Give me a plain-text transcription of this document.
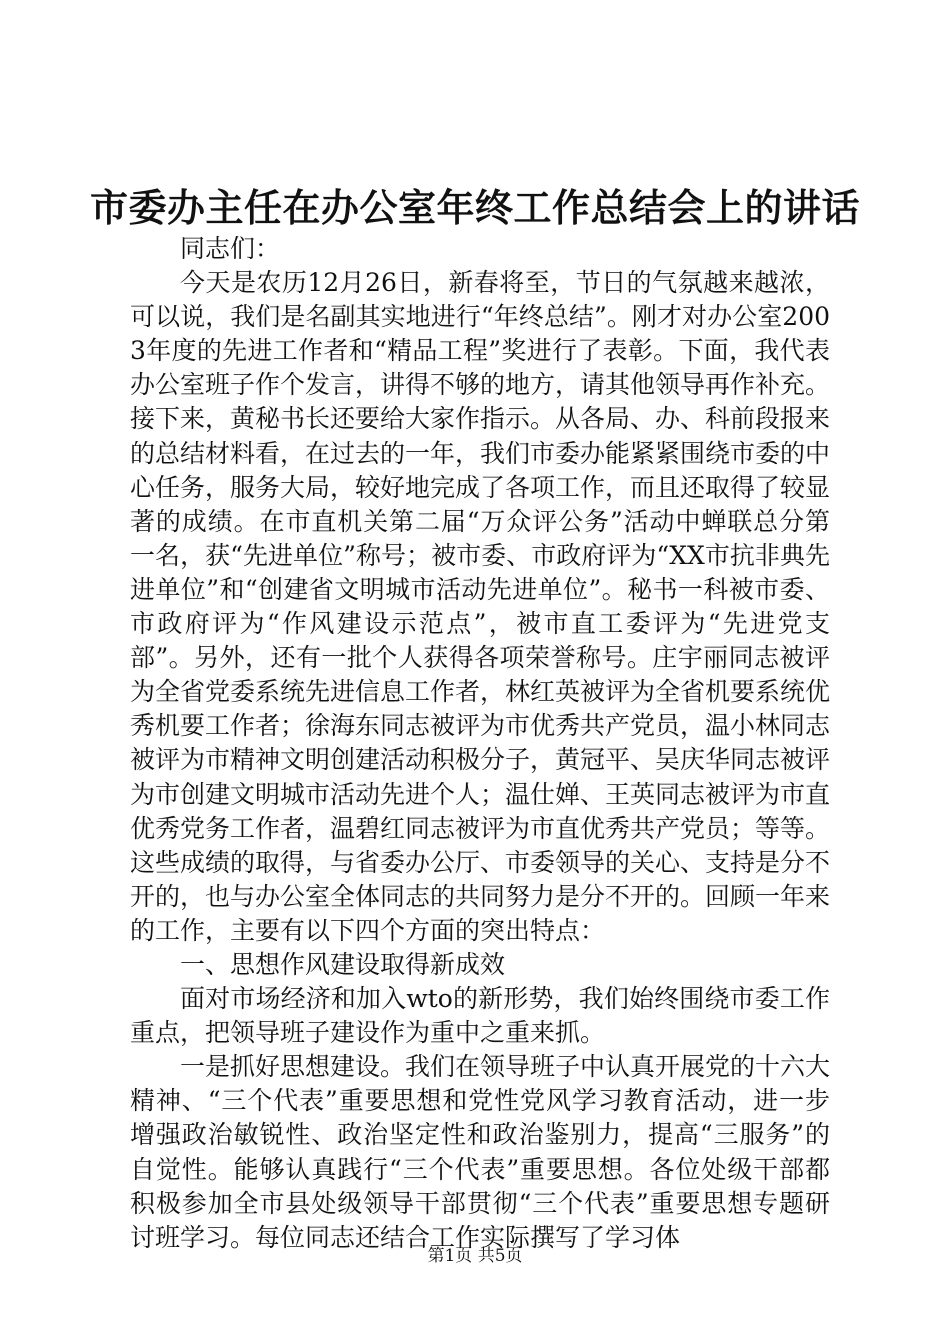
市委办主任在办公室年终工作总结会上的讲话

同志们：

今天是农历12月26日，新春将至，节日的气氛越来越浓，可以说，我们是名副其实地进行“年终总结”。刚才对办公室2003年度的先进工作者和“精品工程”奖进行了表彰。下面，我代表办公室班子作个发言，讲得不够的地方，请其他领导再作补充。接下来，黄秘书长还要给大家作指示。从各局、办、科前段报来的总结材料看，在过去的一年，我们市委办能紧紧围绕市委的中心任务，服务大局，较好地完成了各项工作，而且还取得了较显著的成绩。在市直机关第二届“万众评公务”活动中蝉联总分第一名，获“先进单位”称号；被市委、市政府评为“XX市抗非典先进单位”和“创建省文明城市活动先进单位”。秘书一科被市委、市政府评为“作风建设示范点”，被市直工委评为“先进党支部”。另外，还有一批个人获得各项荣誉称号。庄宇丽同志被评为全省党委系统先进信息工作者，林红英被评为全省机要系统优秀机要工作者；徐海东同志被评为市优秀共产党员，温小林同志被评为市精神文明创建活动积极分子，黄冠平、吴庆华同志被评为市创建文明城市活动先进个人；温仕婵、王英同志被评为市直优秀党务工作者，温碧红同志被评为市直优秀共产党员；等等。这些成绩的取得，与省委办公厅、市委领导的关心、支持是分不开的，也与办公室全体同志的共同努力是分不开的。回顾一年来的工作，主要有以下四个方面的突出特点：

一、思想作风建设取得新成效

面对市场经济和加入wto的新形势，我们始终围绕市委工作重点，把领导班子建设作为重中之重来抓。

一是抓好思想建设。我们在领导班子中认真开展党的十六大精神、“三个代表”重要思想和党性党风学习教育活动，进一步增强政治敏锐性、政治坚定性和政治鉴别力，提高“三服务”的自觉性。能够认真践行“三个代表”重要思想。各位处级干部都积极参加全市县处级领导干部贯彻“三个代表”重要思想专题研讨班学习。每位同志还结合工作实际撰写了学习体

第1页 共5页
